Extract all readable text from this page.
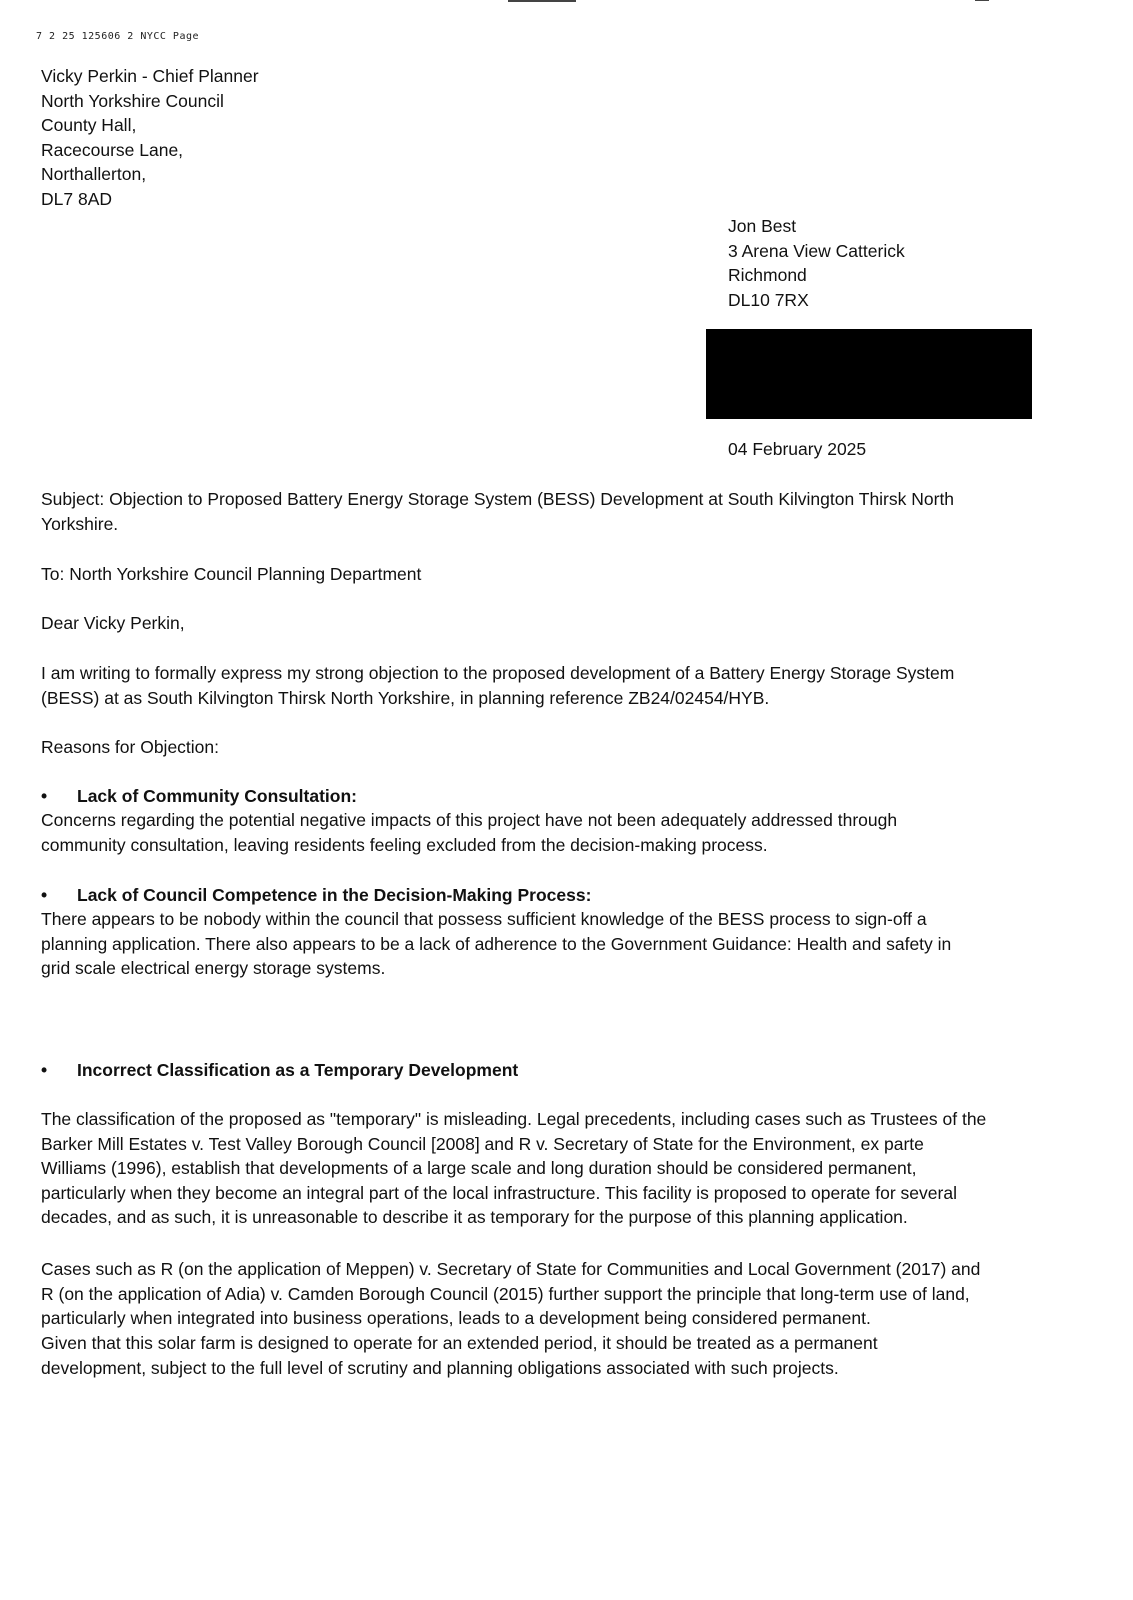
7 2 25 125606 2 NYCC Page
Vicky Perkin - Chief Planner
North Yorkshire Council
County Hall,
Racecourse Lane,
Northallerton,
DL7 8AD
Jon Best
3 Arena View Catterick
Richmond
DL10 7RX
04 February 2025
Subject: Objection to Proposed Battery Energy Storage System (BESS) Development at South Kilvington Thirsk North
Yorkshire.
To: North Yorkshire Council Planning Department
Dear Vicky Perkin,
I am writing to formally express my strong objection to the proposed development of a Battery Energy Storage System
(BESS) at as South Kilvington Thirsk North Yorkshire, in planning reference ZB24/02454/HYB.
Reasons for Objection:
• Lack of Community Consultation:
Concerns regarding the potential negative impacts of this project have not been adequately addressed through
community consultation, leaving residents feeling excluded from the decision-making process.
• Lack of Council Competence in the Decision-Making Process:
There appears to be nobody within the council that possess sufficient knowledge of the BESS process to sign-off a
planning application. There also appears to be a lack of adherence to the Government Guidance: Health and safety in
grid scale electrical energy storage systems.
• Incorrect Classification as a Temporary Development
The classification of the proposed as "temporary" is misleading. Legal precedents, including cases such as Trustees of the
Barker Mill Estates v. Test Valley Borough Council [2008] and R v. Secretary of State for the Environment, ex parte
Williams (1996), establish that developments of a large scale and long duration should be considered permanent,
particularly when they become an integral part of the local infrastructure. This facility is proposed to operate for several
decades, and as such, it is unreasonable to describe it as temporary for the purpose of this planning application.
Cases such as R (on the application of Meppen) v. Secretary of State for Communities and Local Government (2017) and
R (on the application of Adia) v. Camden Borough Council (2015) further support the principle that long-term use of land,
particularly when integrated into business operations, leads to a development being considered permanent.
Given that this solar farm is designed to operate for an extended period, it should be treated as a permanent
development, subject to the full level of scrutiny and planning obligations associated with such projects.
